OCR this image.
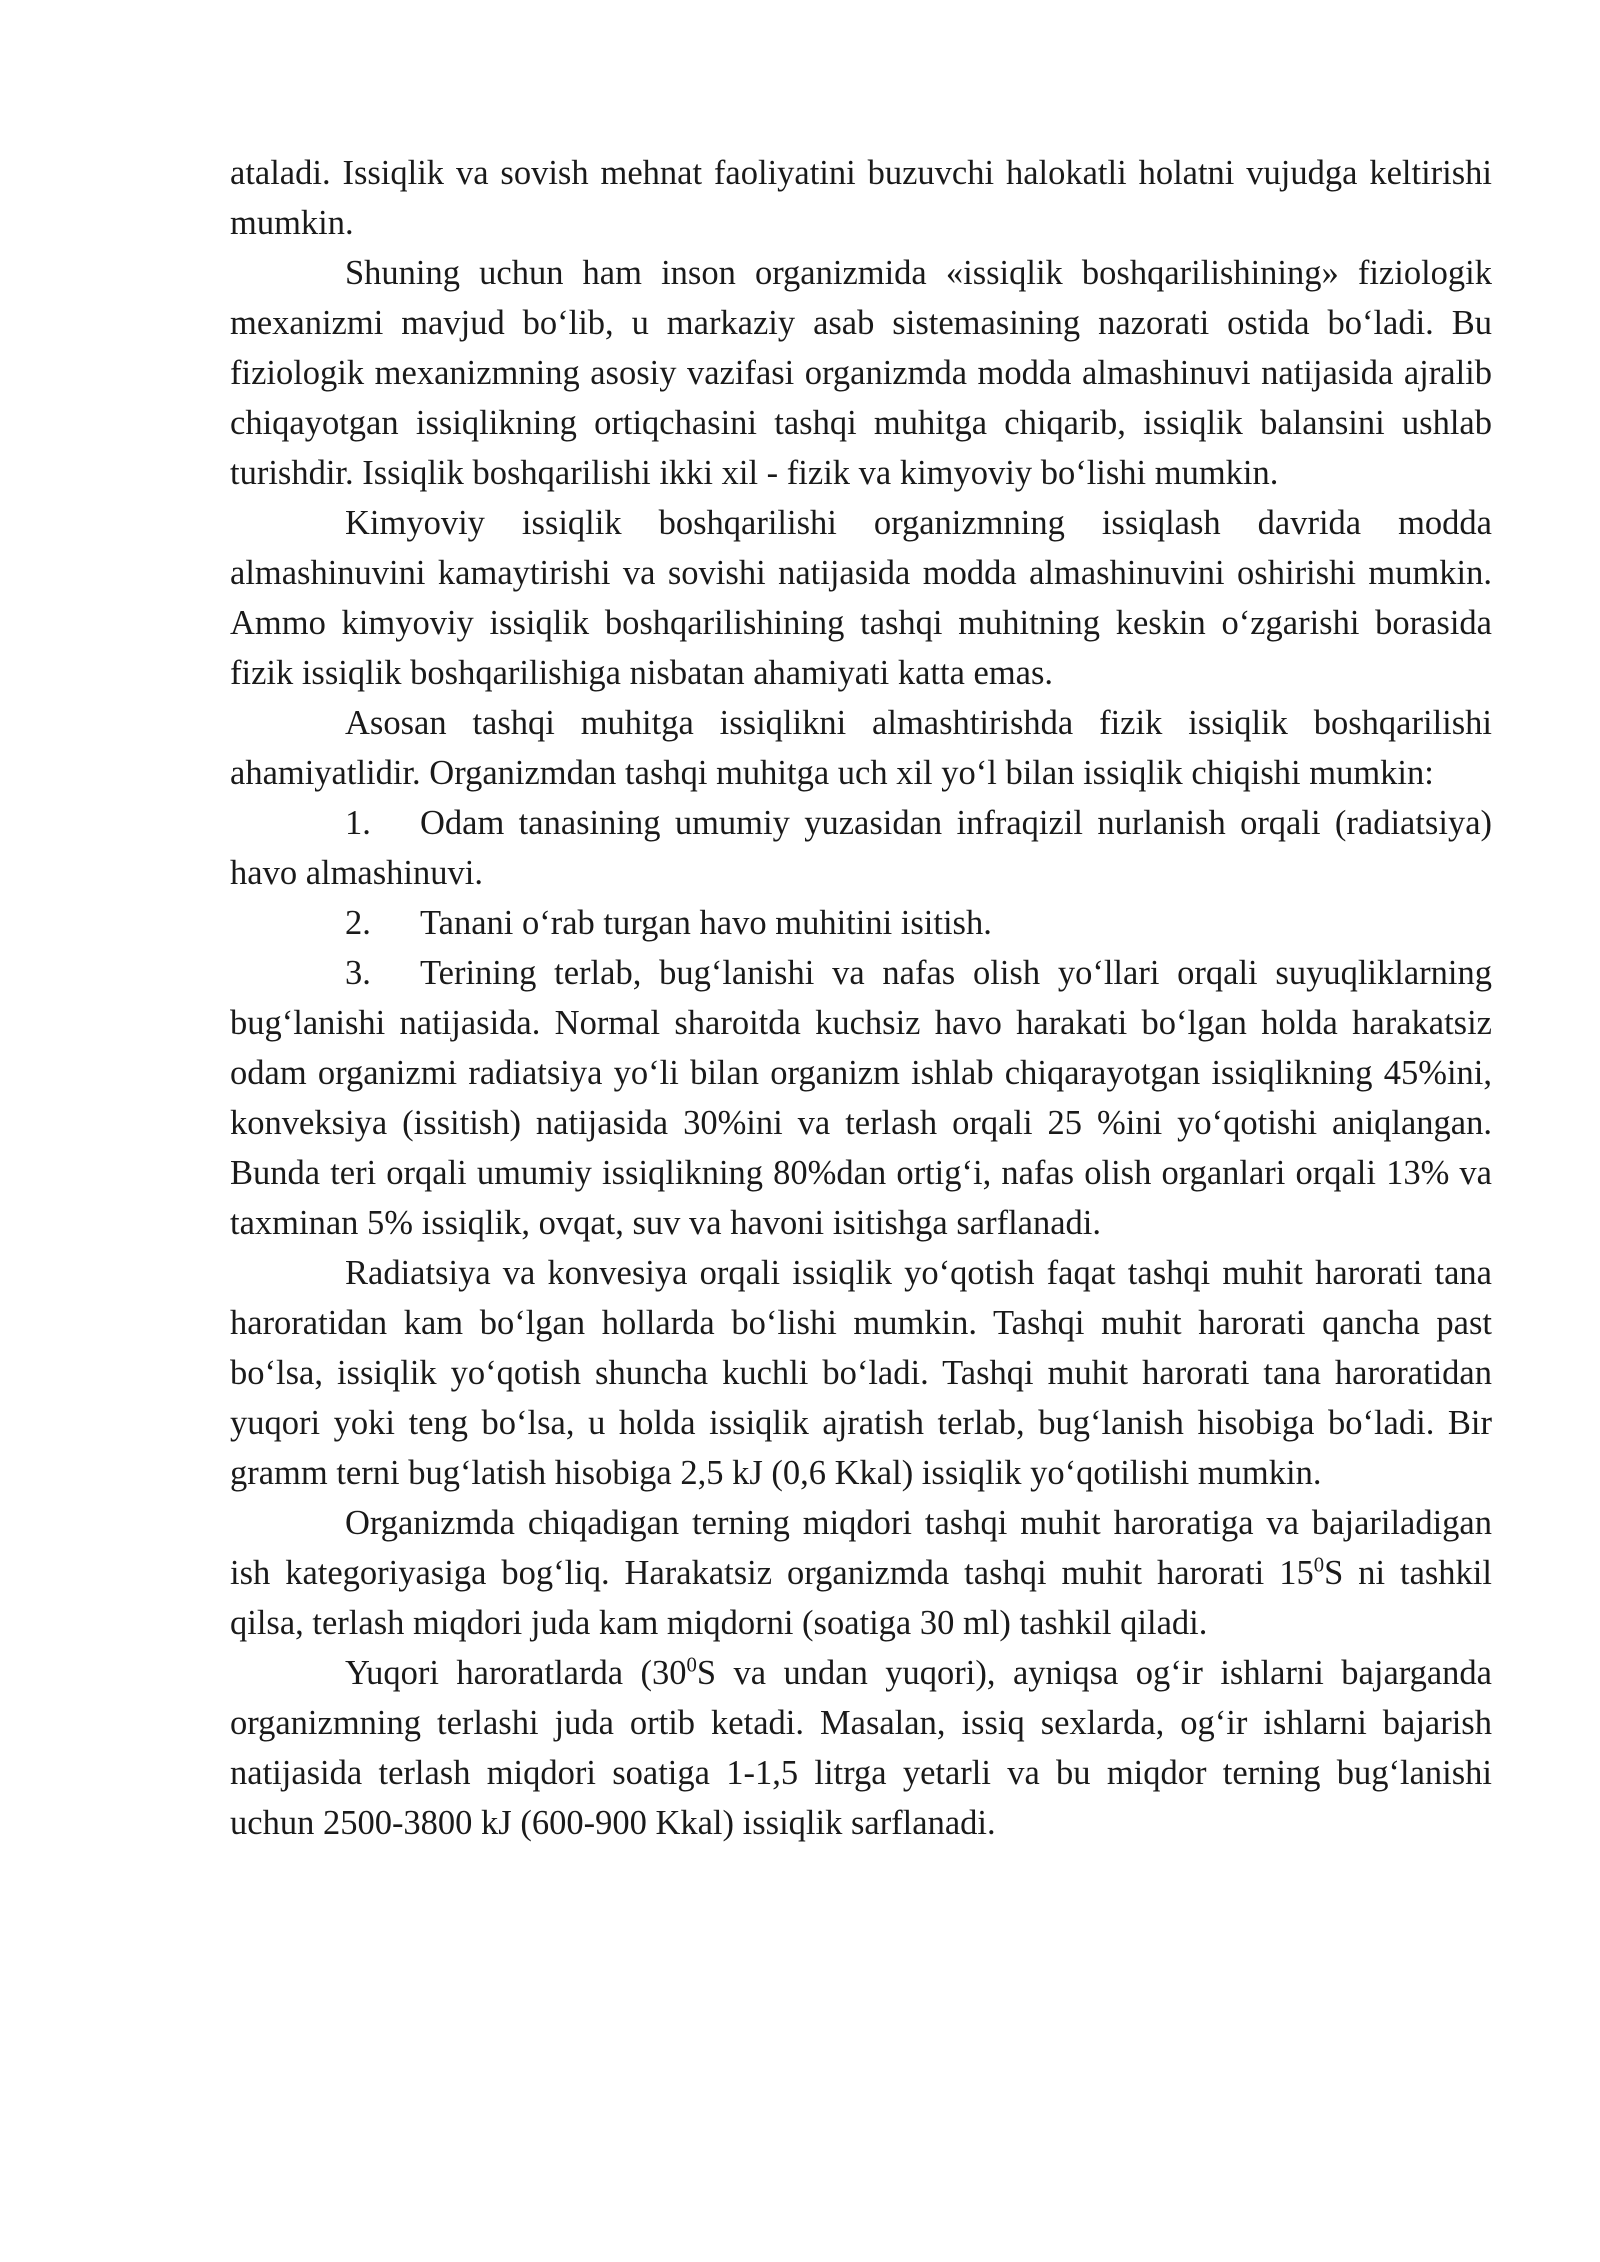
ataladi. Issiqlik va sovish mehnat faoliyatini buzuvchi halokatli holatni vujudga keltirishi mumkin.

Shuning uchun ham inson organizmida «issiqlik boshqarilishining» fiziologik mexanizmi mavjud bo‘lib, u markaziy asab sistemasining nazorati ostida bo‘ladi. Bu fiziologik mexanizmning asosiy vazifasi organizmda modda almashinuvi natijasida ajralib chiqayotgan issiqlikning ortiqchasini tashqi muhitga chiqarib, issiqlik balansini ushlab turishdir. Issiqlik boshqarilishi ikki xil - fizik va kimyoviy bo‘lishi mumkin.

Kimyoviy issiqlik boshqarilishi organizmning issiqlash davrida modda almashinuvini kamaytirishi va sovishi natijasida modda almashinuvini oshirishi mumkin. Ammo kimyoviy issiqlik boshqarilishining tashqi muhitning keskin o‘zgarishi borasida fizik issiqlik boshqarilishiga nisbatan ahamiyati katta emas.

Asosan tashqi muhitga issiqlikni almashtirishda fizik issiqlik boshqarilishi ahamiyatlidir. Organizmdan tashqi muhitga uch xil yo‘l bilan issiqlik chiqishi mumkin:

1. Odam tanasining umumiy yuzasidan infraqizil nurlanish orqali (radiatsiya) havo almashinuvi.

2. Tanani o‘rab turgan havo muhitini isitish.

3. Terining terlab, bug‘lanishi va nafas olish yo‘llari orqali suyuqliklarning bug‘lanishi natijasida. Normal sharoitda kuchsiz havo harakati bo‘lgan holda harakatsiz odam organizmi radiatsiya yo‘li bilan organizm ishlab chiqarayotgan issiqlikning 45%ini, konveksiya (issitish) natijasida 30%ini va terlash orqali 25 %ini yo‘qotishi aniqlangan. Bunda teri orqali umumiy issiqlikning 80%dan ortig‘i, nafas olish organlari orqali 13% va taxminan 5% issiqlik, ovqat, suv va havoni isitishga sarflanadi.

Radiatsiya va konvesiya orqali issiqlik yo‘qotish faqat tashqi muhit harorati tana haroratidan kam bo‘lgan hollarda bo‘lishi mumkin. Tashqi muhit harorati qancha past bo‘lsa, issiqlik yo‘qotish shuncha kuchli bo‘ladi. Tashqi muhit harorati tana haroratidan yuqori yoki teng bo‘lsa, u holda issiqlik ajratish terlab, bug‘lanish hisobiga bo‘ladi. Bir gramm terni bug‘latish hisobiga 2,5 kJ (0,6 Kkal) issiqlik yo‘qotilishi mumkin.

Organizmda chiqadigan terning miqdori tashqi muhit haroratiga va bajariladigan ish kategoriyasiga bog‘liq. Harakatsiz organizmda tashqi muhit harorati $15^0S$ ni tashkil qilsa, terlash miqdori juda kam miqdorni (soatiga 30 ml) tashkil qiladi.

Yuqori haroratlarda ($30^0S$ va undan yuqori), ayniqsa og‘ir ishlarni bajarganda organizmning terlashi juda ortib ketadi. Masalan, issiq sexlarda, og‘ir ishlarni bajarish natijasida terlash miqdori soatiga 1-1,5 litrga yetarli va bu miqdor terning bug‘lanishi uchun 2500-3800 kJ (600-900 Kkal) issiqlik sarflanadi.
